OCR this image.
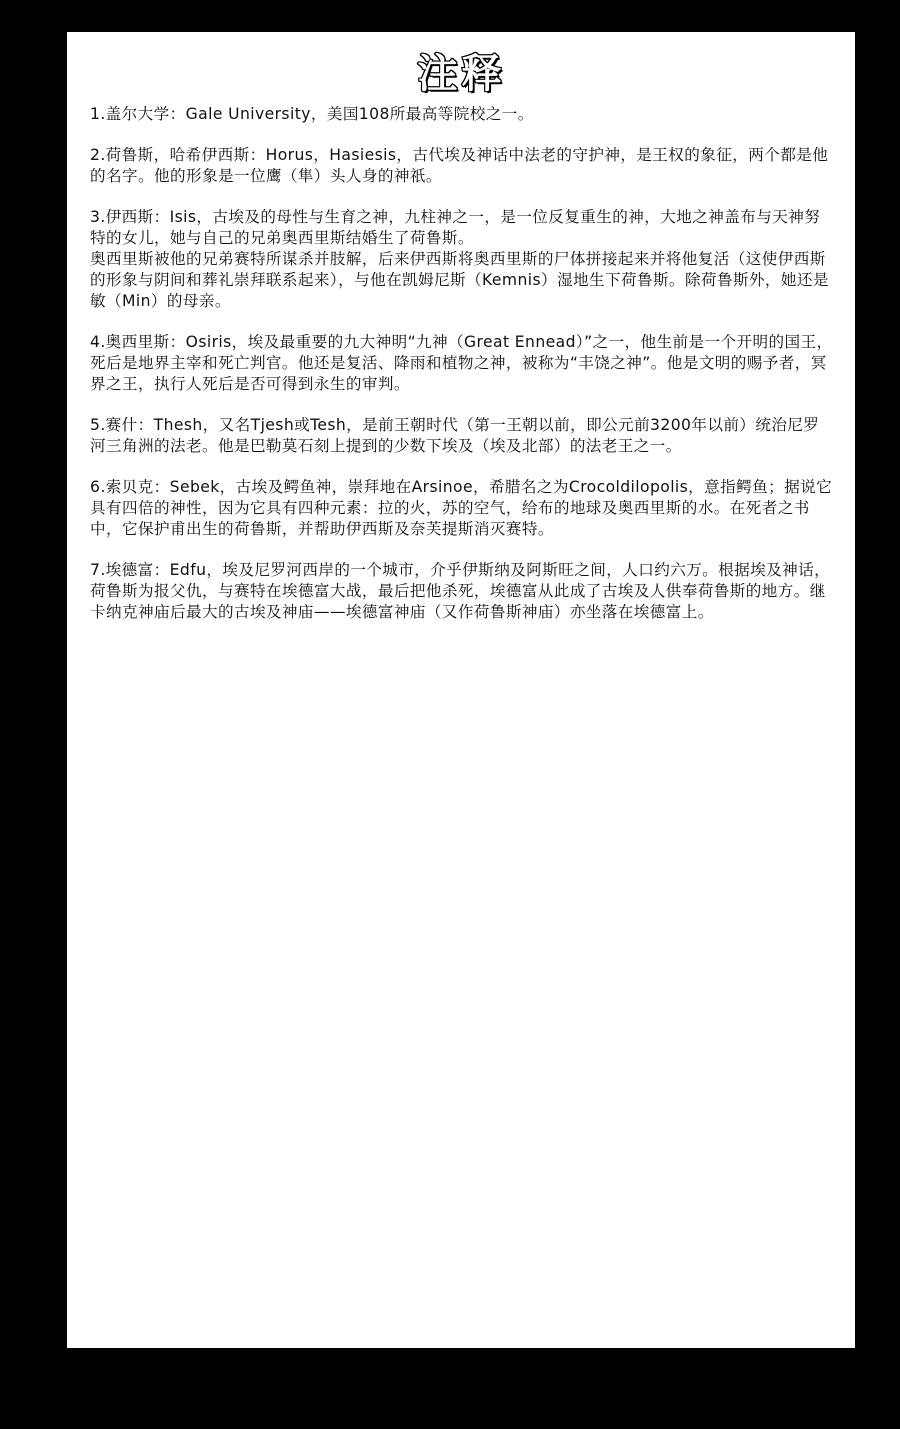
注释

1.盖尔大学：Gale University，美国108所最高等院校之一。

2.荷鲁斯，哈希伊西斯：Horus，Hasiesis，古代埃及神话中法老的守护神，是王权的象征，两个都是他的名字。他的形象是一位鹰（隼）头人身的神祇。

3.伊西斯：Isis，古埃及的母性与生育之神，九柱神之一，是一位反复重生的神，大地之神盖布与天神努特的女儿，她与自己的兄弟奥西里斯结婚生了荷鲁斯。

奥西里斯被他的兄弟赛特所谋杀并肢解，后来伊西斯将奥西里斯的尸体拼接起来并将他复活（这使伊西斯的形象与阴间和葬礼崇拜联系起来），与他在凯姆尼斯（Kemnis）湿地生下荷鲁斯。除荷鲁斯外，她还是敏（Min）的母亲。

4.奥西里斯：Osiris，埃及最重要的九大神明“九神（Great Ennead）”之一，他生前是一个开明的国王，死后是地界主宰和死亡判官。他还是复活、降雨和植物之神，被称为“丰饶之神”。他是文明的赐予者，冥界之王，执行人死后是否可得到永生的审判。

5.赛什：Thesh，又名Tjesh或Tesh，是前王朝时代（第一王朝以前，即公元前3200年以前）统治尼罗河三角洲的法老。他是巴勒莫石刻上提到的少数下埃及（埃及北部）的法老王之一。

6.索贝克：Sebek，古埃及鳄鱼神，崇拜地在Arsinoe，希腊名之为Crocoldilopolis，意指鳄鱼；据说它具有四倍的神性，因为它具有四种元素：拉的火，苏的空气，给布的地球及奥西里斯的水。在死者之书中，它保护甫出生的荷鲁斯，并帮助伊西斯及奈芙提斯消灭赛特。

7.埃德富：Edfu，埃及尼罗河西岸的一个城市，介乎伊斯纳及阿斯旺之间，人口约六万。根据埃及神话，荷鲁斯为报父仇，与赛特在埃德富大战，最后把他杀死，埃德富从此成了古埃及人供奉荷鲁斯的地方。继卡纳克神庙后最大的古埃及神庙——埃德富神庙（又作荷鲁斯神庙）亦坐落在埃德富上。
